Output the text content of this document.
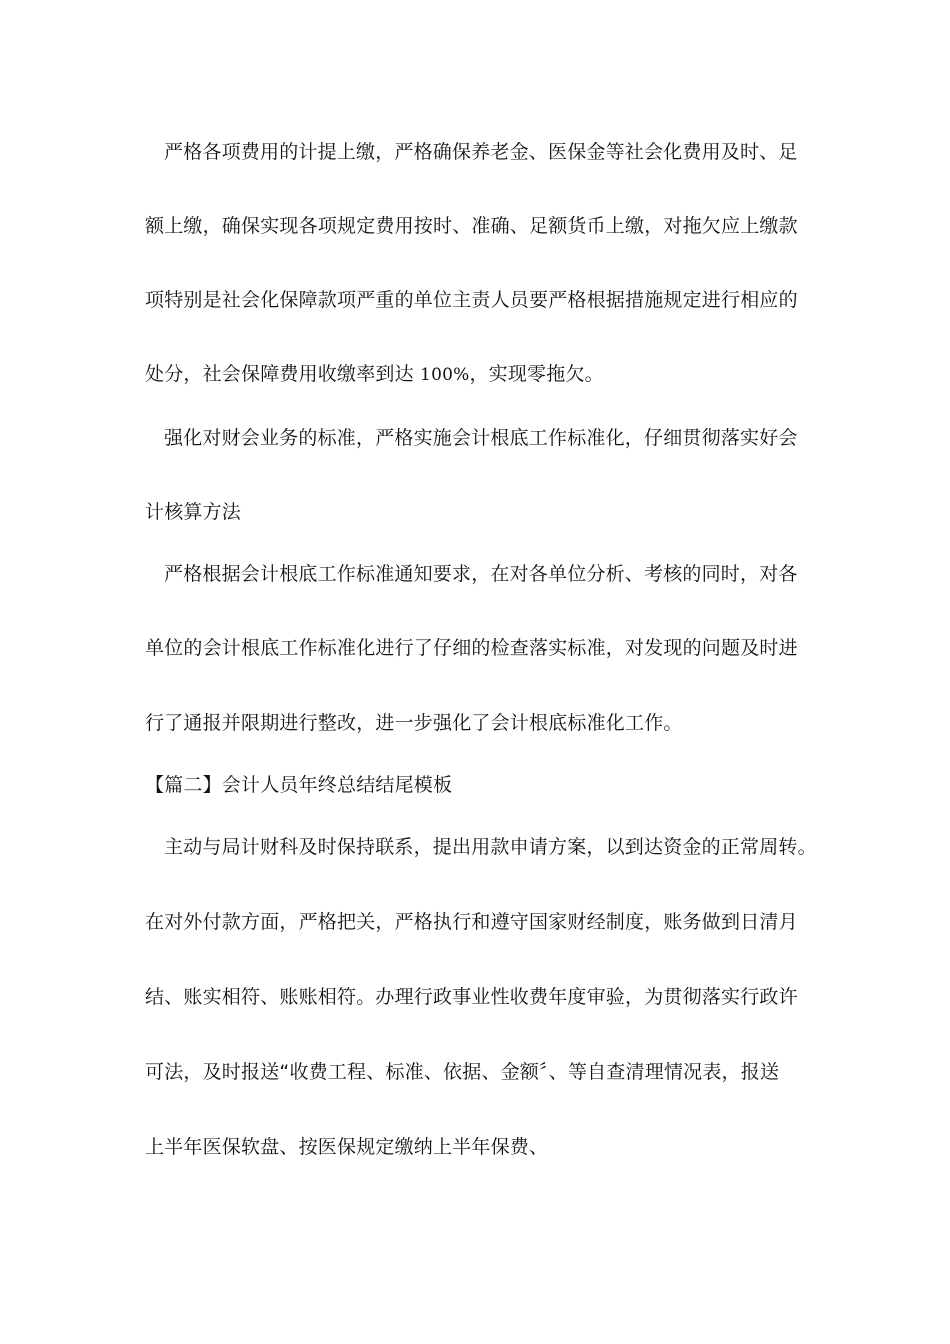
严格各项费用的计提上缴，严格确保养老金、医保金等社会化费用及时、足
额上缴，确保实现各项规定费用按时、准确、足额货币上缴，对拖欠应上缴款
项特别是社会化保障款项严重的单位主责人员要严格根据措施规定进行相应的
处分，社会保障费用收缴率到达 100%，实现零拖欠。
强化对财会业务的标准，严格实施会计根底工作标准化，仔细贯彻落实好会
计核算方法
严格根据会计根底工作标准通知要求，在对各单位分析、考核的同时，对各
单位的会计根底工作标准化进行了仔细的检查落实标准，对发现的问题及时进
行了通报并限期进行整改，进一步强化了会计根底标准化工作。
【篇二】会计人员年终总结结尾模板
主动与局计财科及时保持联系，提出用款申请方案，以到达资金的正常周转。
在对外付款方面，严格把关，严格执行和遵守国家财经制度，账务做到日清月
结、账实相符、账账相符。办理行政事业性收费年度审验，为贯彻落实行政许
可法，及时报送“收费工程、标准、依据、金额〞、等自查清理情况表，报送
上半年医保软盘、按医保规定缴纳上半年保费、
